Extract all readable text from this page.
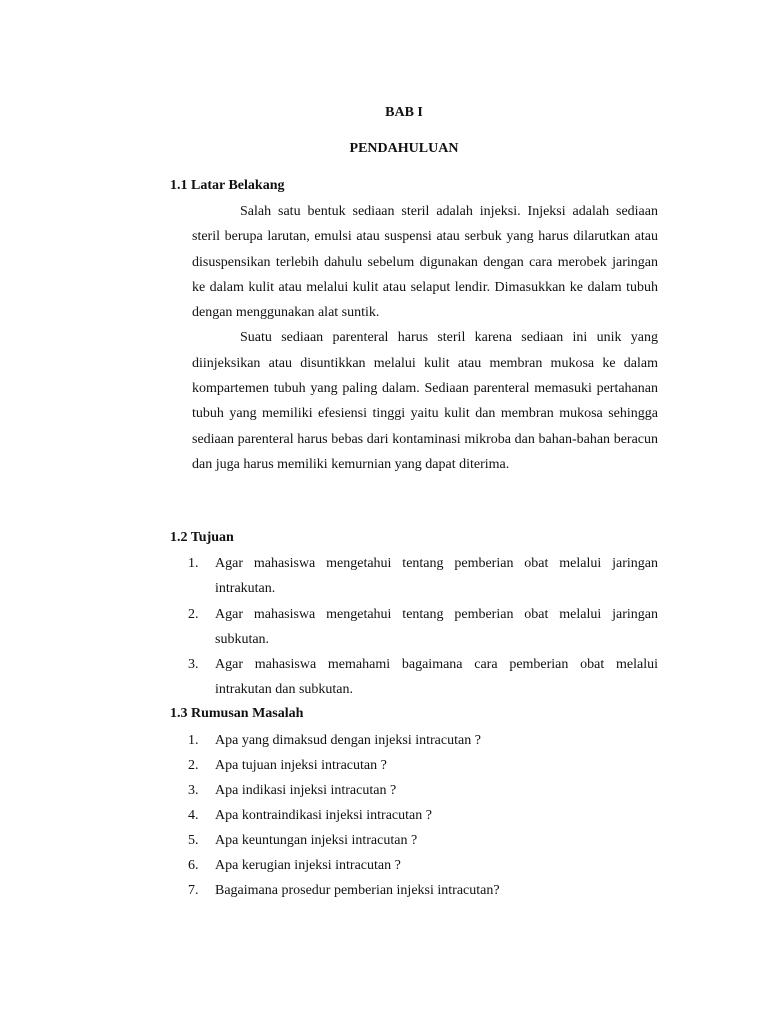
BAB I
PENDAHULUAN
1.1 Latar Belakang

Salah satu bentuk sediaan steril adalah injeksi. Injeksi adalah sediaan steril berupa larutan, emulsi atau suspensi atau serbuk yang harus dilarutkan atau disuspensikan terlebih dahulu sebelum digunakan dengan cara merobek jaringan ke dalam kulit atau melalui kulit atau selaput lendir. Dimasukkan ke dalam tubuh dengan menggunakan alat suntik.

Suatu sediaan parenteral harus steril karena sediaan ini unik yang diinjeksikan atau disuntikkan melalui kulit atau membran mukosa ke dalam kompartemen tubuh yang paling dalam. Sediaan parenteral memasuki pertahanan tubuh yang memiliki efesiensi tinggi yaitu kulit dan membran mukosa sehingga sediaan parenteral harus bebas dari kontaminasi mikroba dan bahan-bahan beracun dan juga harus memiliki kemurnian yang dapat diterima.

1.2 Tujuan
1. Agar mahasiswa mengetahui tentang pemberian obat melalui jaringan intrakutan.
2. Agar mahasiswa mengetahui tentang pemberian obat melalui jaringan subkutan.
3. Agar mahasiswa memahami bagaimana cara pemberian obat melalui intrakutan dan subkutan.
1.3 Rumusan Masalah
1. Apa yang dimaksud dengan injeksi intracutan ?
2. Apa tujuan injeksi intracutan ?
3. Apa indikasi injeksi intracutan ?
4. Apa kontraindikasi injeksi intracutan ?
5. Apa keuntungan injeksi intracutan ?
6. Apa kerugian injeksi intracutan ?
7. Bagaimana prosedur pemberian injeksi intracutan?
